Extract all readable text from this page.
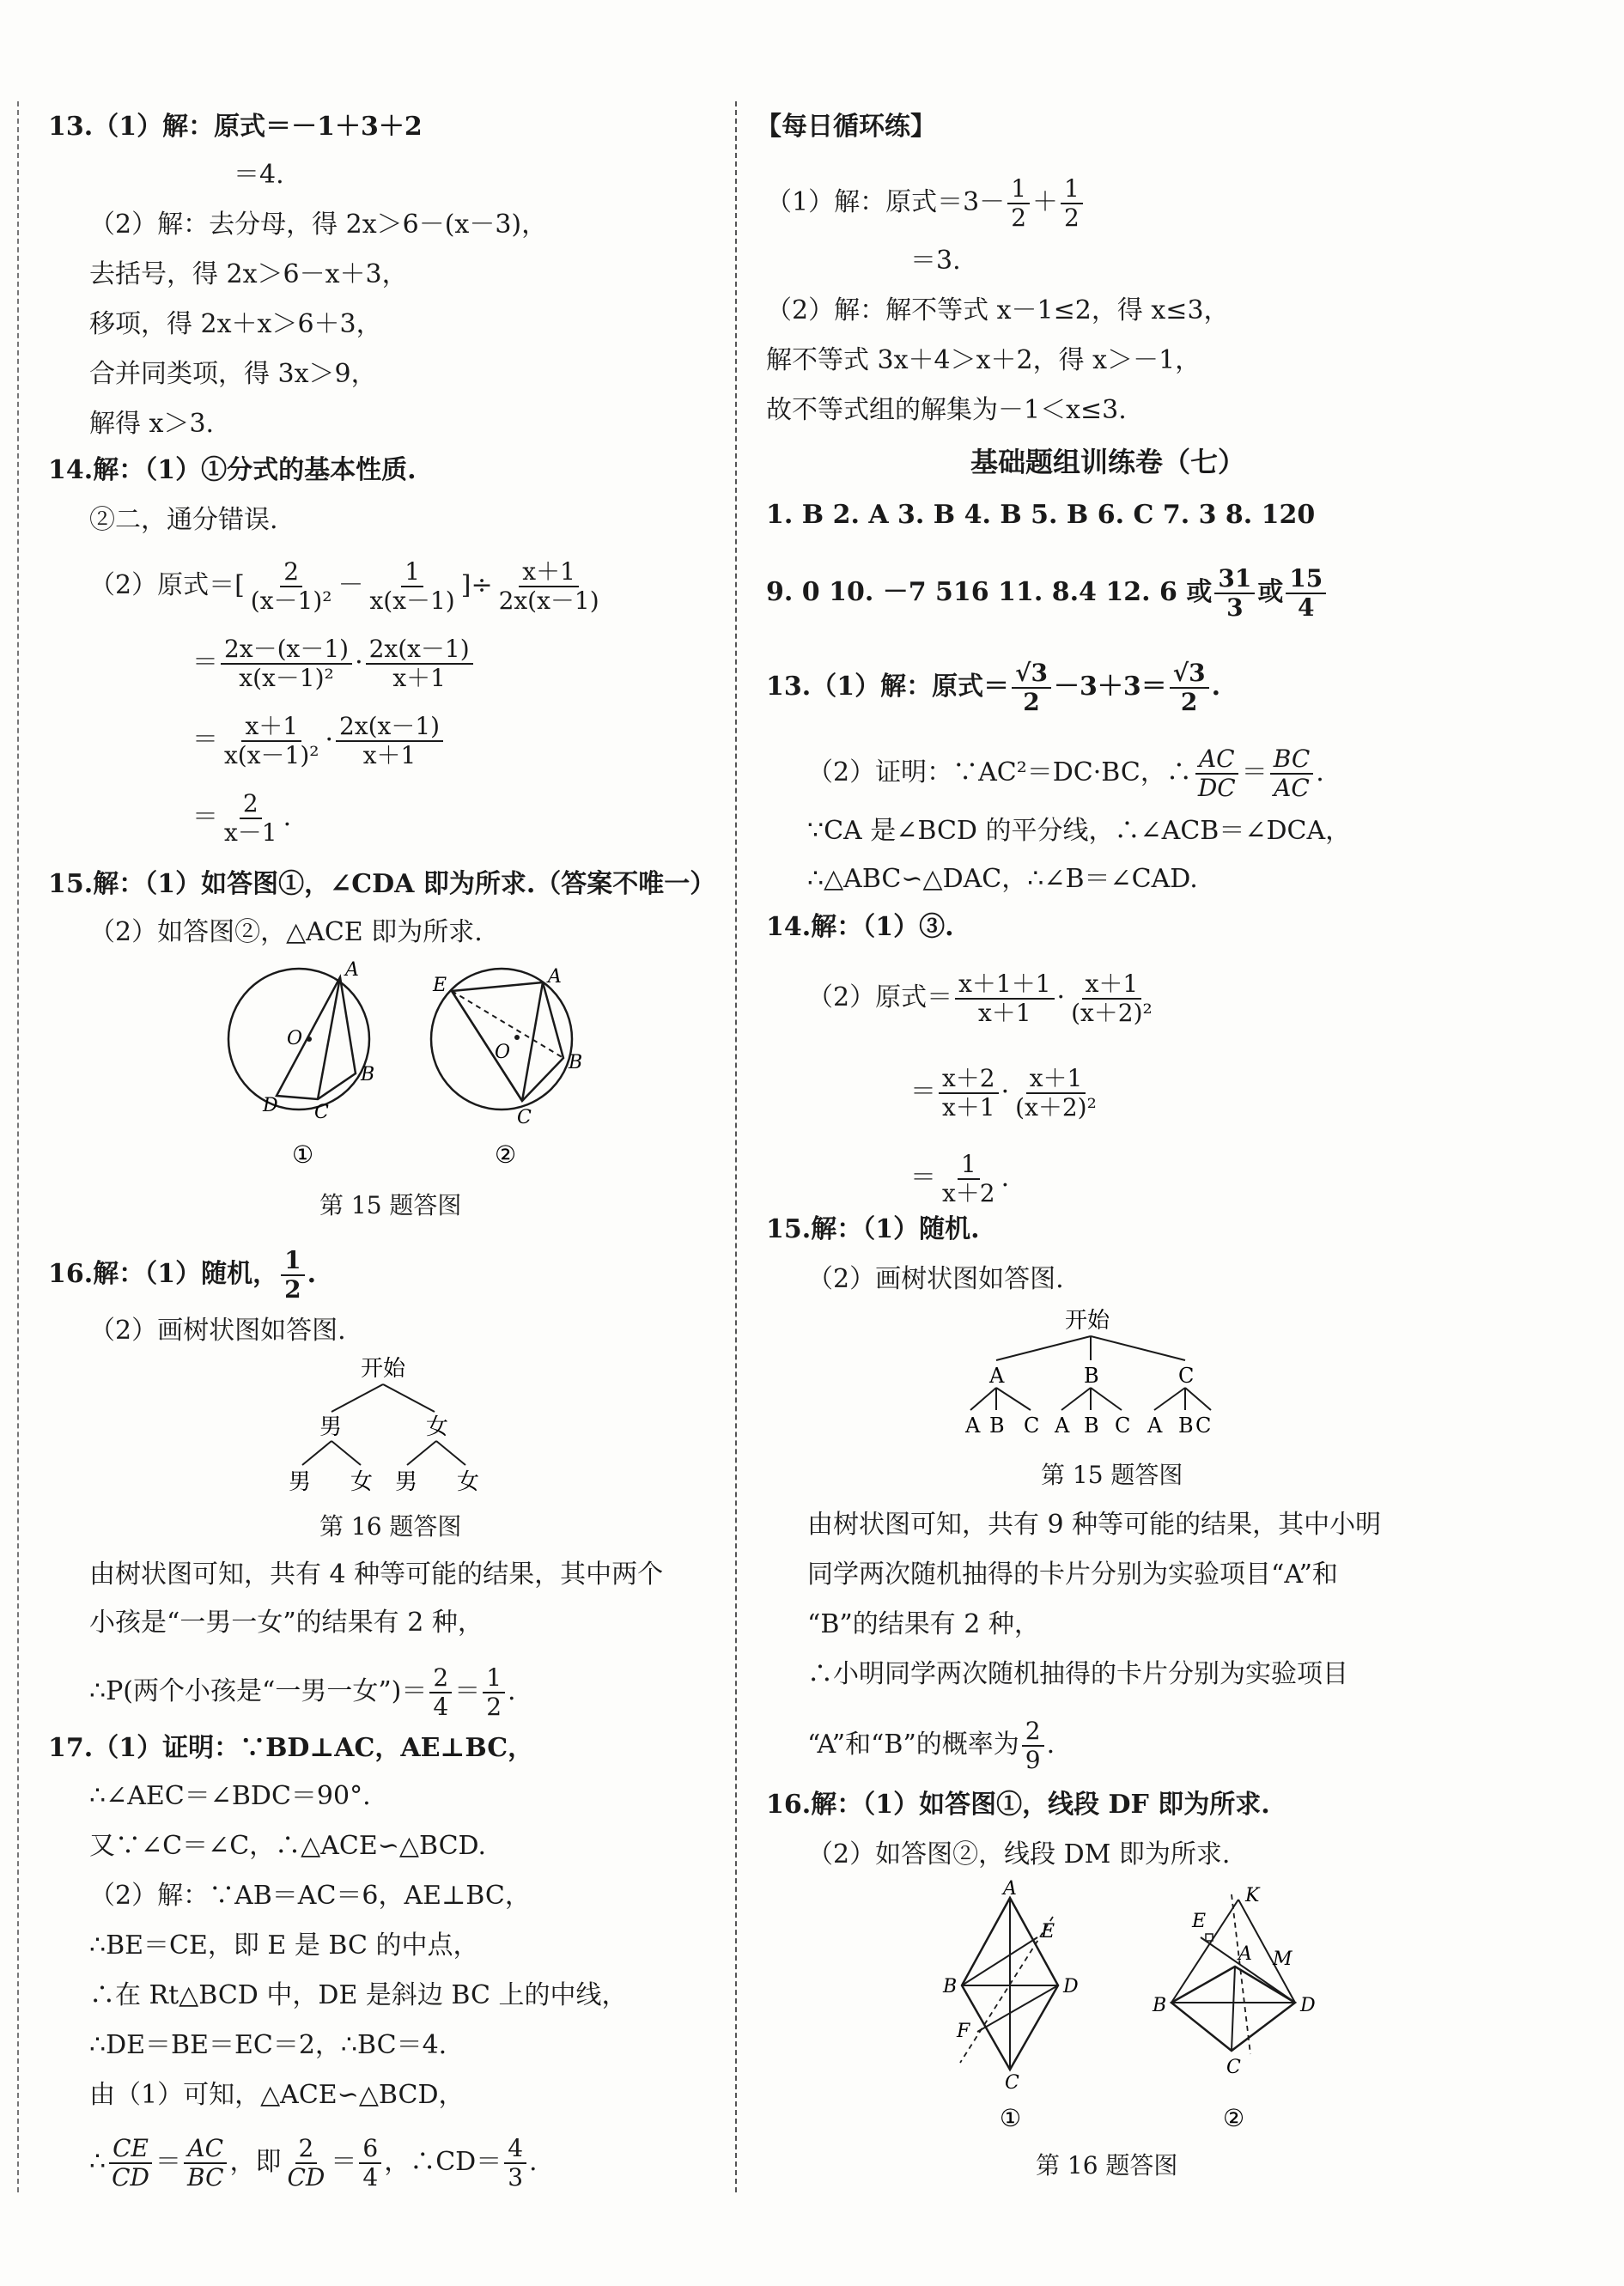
13.（1）解：原式＝－1＋3＋2
＝4.
（2）解：去分母，得 2x＞6－(x－3)，
去括号，得 2x＞6－x＋3，
移项，得 2x＋x＞6＋3，
合并同类项，得 3x＞9，
解得 x＞3.
14.解：（1）①分式的基本性质.
②二，通分错误.
（2）原式＝[ $\frac{2}{\text{(x－1)²}} - \frac{1}{x(x-1)}$ ]÷ $\frac{x+1}{2x(x-1)}$
＝ $\frac{2x-(x-1)}{\text{x(x－1)²}} \cdot \frac{2x(x-1)}{x+1}$
＝ $\frac{x+1}{\text{x(x－1)²}} \cdot \frac{2x(x-1)}{x+1}$
＝ $\frac{2}{x-1}$ .
15.解：（1）如答图①，∠CDA 即为所求.（答案不唯一）
（2）如答图②，△ACE 即为所求.
A
O
B
D C
E	A
O	B
C
①	②
第 15 题答图
16.解：（1）随机， $\frac{1}{2}$ .
（2）画树状图如答图.
开始
男	女
男 女 男 女
第 16 题答图
由树状图可知，共有 4 种等可能的结果，其中两个
小孩是“一男一女”的结果有 2 种，
∴P(两个小孩是“一男一女”)＝ $\frac{2}{4} = \frac{1}{2}$ .
17.（1）证明：∵BD⊥AC，AE⊥BC，
∴∠AEC＝∠BDC＝90°.
又∵∠C＝∠C，∴△ACE∽△BCD.
（2）解：∵AB＝AC＝6，AE⊥BC，
∴BE＝CE，即 E 是 BC 的中点，
∴在 Rt△BCD 中，DE 是斜边 BC 上的中线，
∴DE＝BE＝EC＝2，∴BC＝4.
由（1）可知，△ACE∽△BCD，
∴ $\frac{CE}{CD} = \frac{AC}{BC}$ ，即 $\frac{2}{CD} = \frac{6}{4}$ ，∴CD＝ $\frac{4}{3}$ .
【每日循环练】
（1）解：原式$=3- \frac{1}{2} + \frac{1}{2}$
＝3.
（2）解：解不等式 x－1≤2，得 x≤3，
解不等式 3x＋4＞x＋2，得 x＞－1，
故不等式组的解集为－1＜x≤3.
基础题组训练卷（七）
1. B 2. A 3. B 4. B 5. B 6. C 7. 3 8. 120
9. 0 10. －7 516 11. 8.4 12. 6 或 $\frac{31}{3}$ 或 $\frac{15}{4}$
13.（1）解：原式＝ $\frac{√3}{2} -3+3= \frac{√3}{2}$ .
（2）证明：∵AC²＝DC·BC，∴ $\frac{AC}{DC} = \frac{BC}{AC}$ .
∵CA 是∠BCD 的平分线，∴∠ACB＝∠DCA，
∴△ABC∽△DAC，∴∠B＝∠CAD.
14.解：（1）③.
（2）原式＝ $\frac{x+1+1}{x+1} \cdot \frac{x+1}{\text{(x＋2)²}}$
＝ $\frac{x+2}{x+1} \cdot \frac{x+1}{\text{(x＋2)²}}$
＝ $\frac{1}{x+2}$ .
15.解：（1）随机.
（2）画树状图如答图.
开始
A	B	C
A B C A B C A B C
第 15 题答图
由树状图可知，共有 9 种等可能的结果，其中小明
同学两次随机抽得的卡片分别为实验项目“A”和
“B”的结果有 2 种，
∴小明同学两次随机抽得的卡片分别为实验项目
“A”和“B”的概率为 $\frac{2}{9}$ .
16.解：（1）如答图①，线段 DF 即为所求.
（2）如答图②，线段 DM 即为所求.
A
E
B	D
F
C
K
E
A M
B	D
C
①	②
第 16 题答图
